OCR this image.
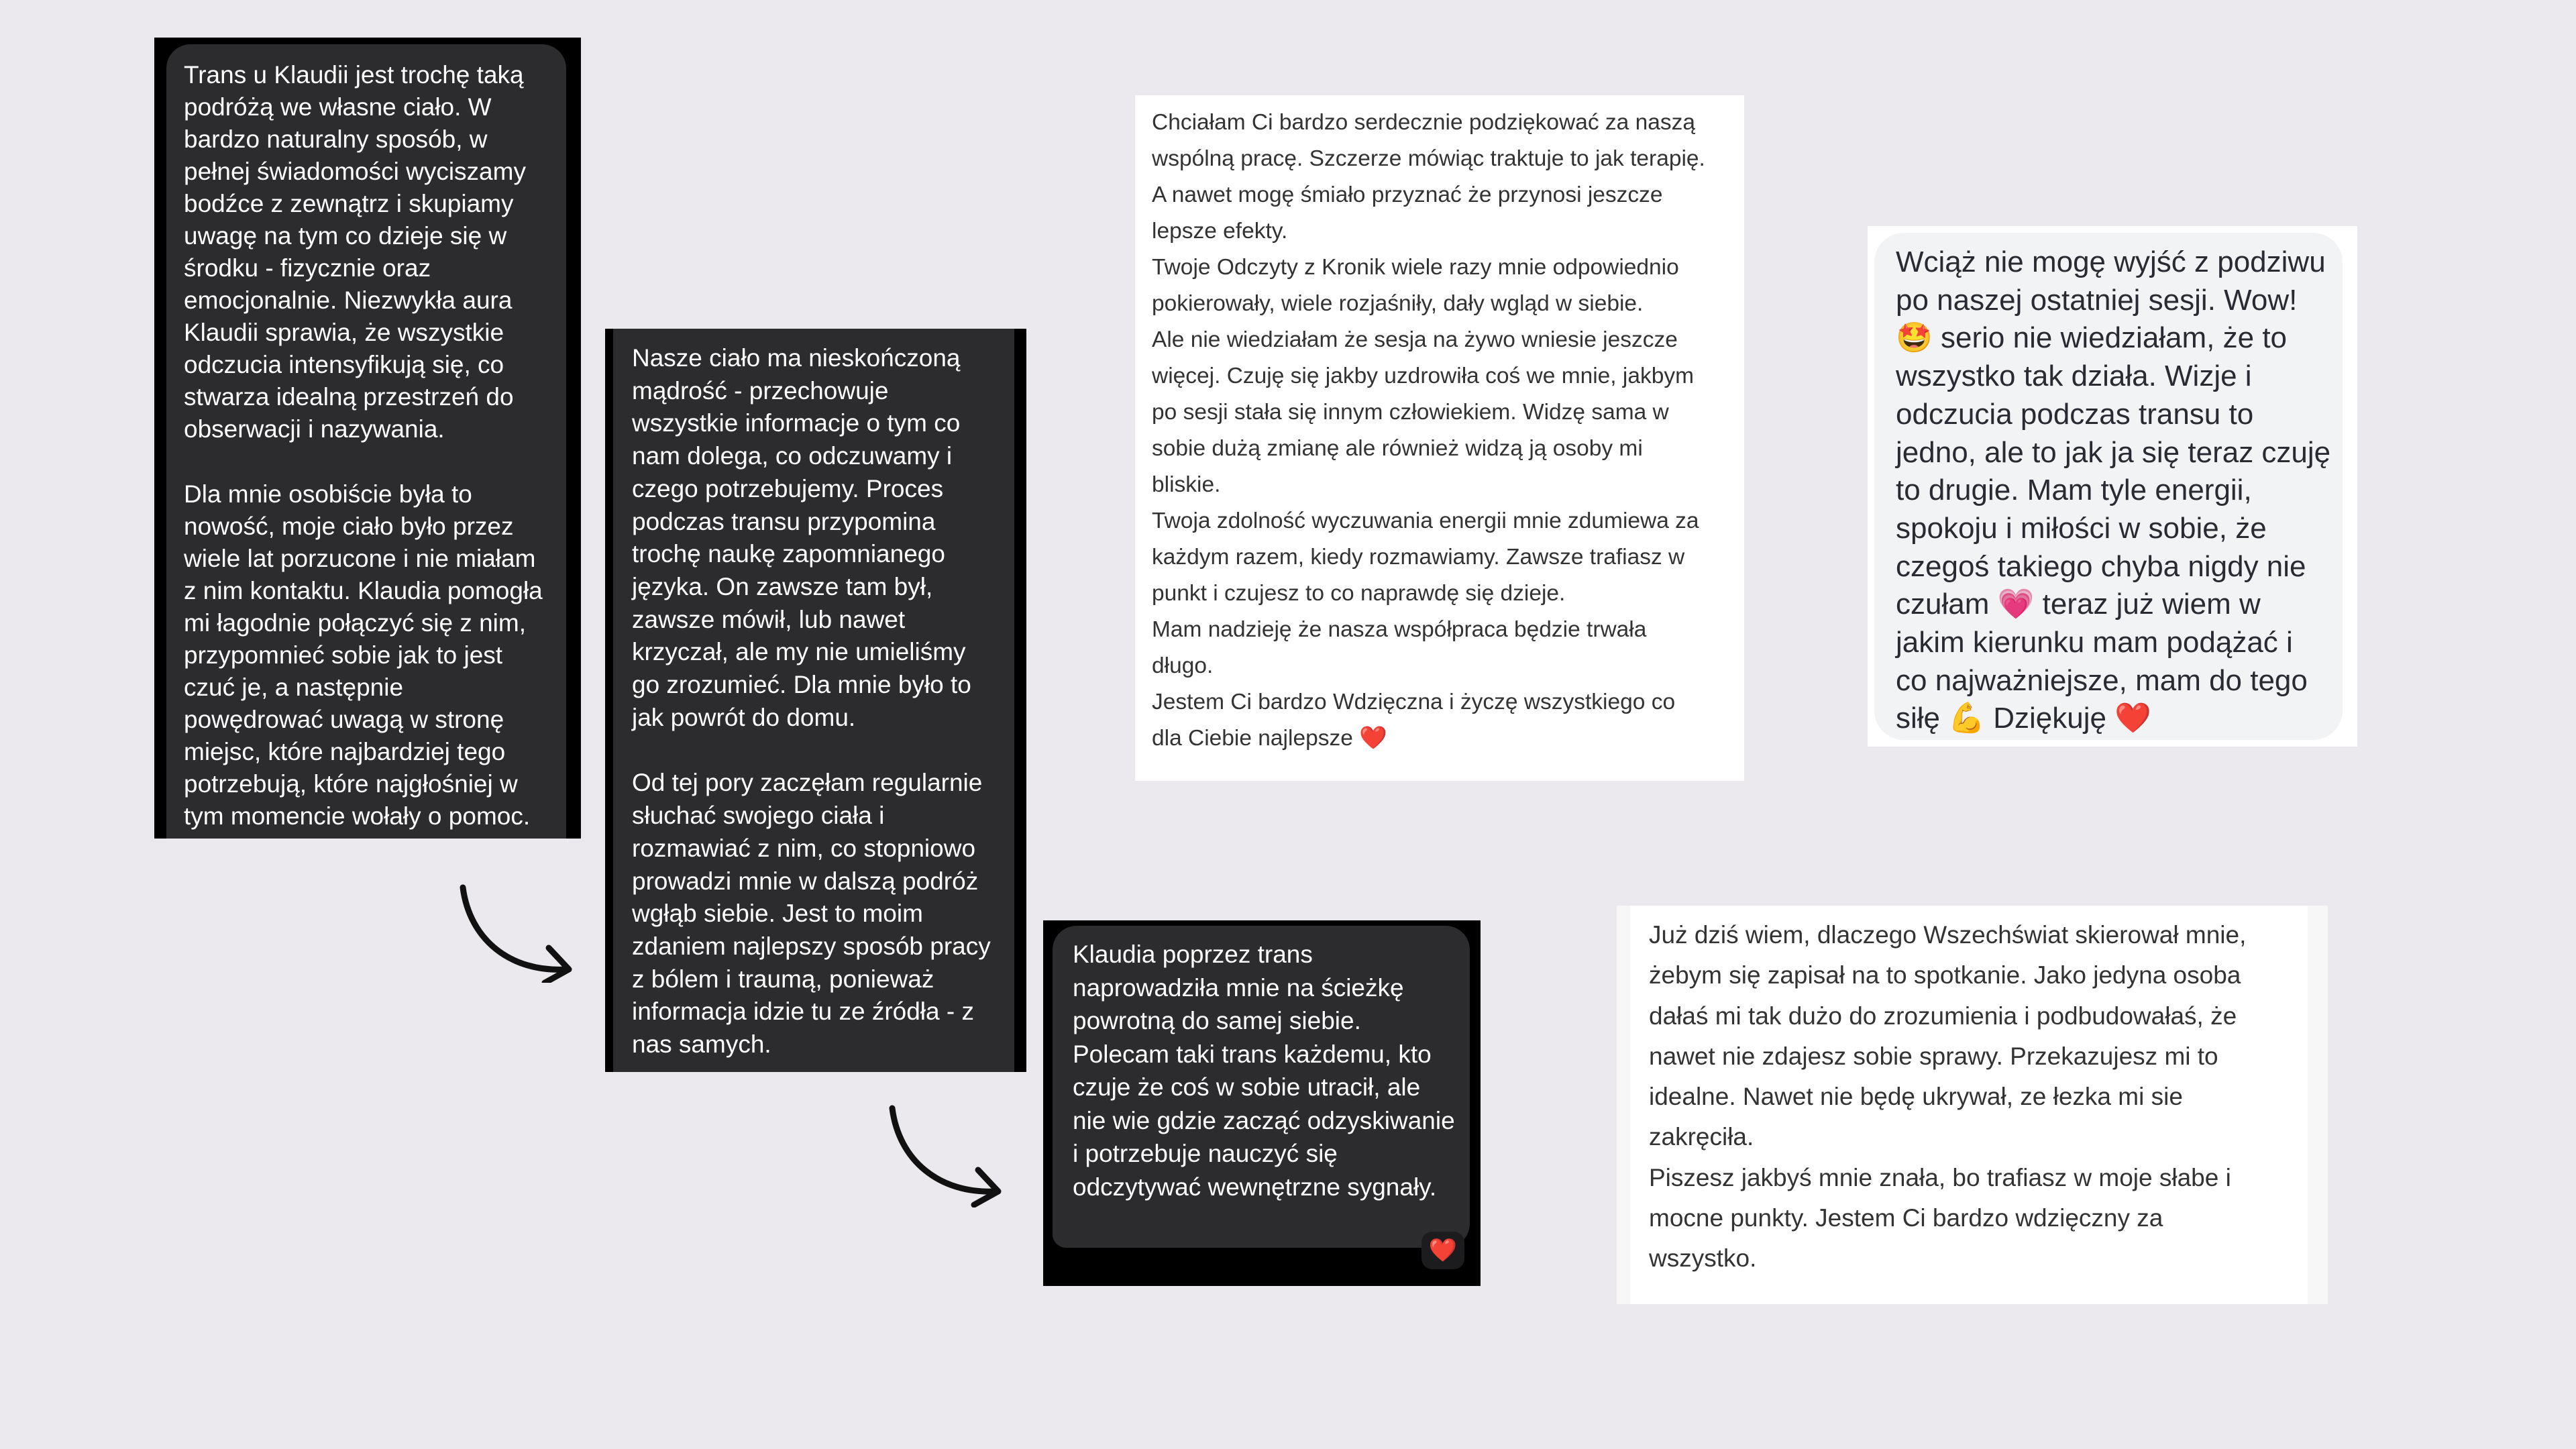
Trans u Klaudii jest trochę taką podróżą we własne ciało. W bardzo naturalny sposób, w pełnej świadomości wyciszamy bodźce z zewnątrz i skupiamy uwagę na tym co dzieje się w środku - fizycznie oraz emocjonalnie. Niezwykła aura Klaudii sprawia, że wszystkie odczucia intensyfikują się, co stwarza idealną przestrzeń do obserwacji i nazywania.

Dla mnie osobiście była to nowość, moje ciało było przez wiele lat porzucone i nie miałam z nim kontaktu. Klaudia pomogła mi łagodnie połączyć się z nim, przypomnieć sobie jak to jest czuć je, a następnie powędrować uwagą w stronę miejsc, które najbardziej tego potrzebują, które najgłośniej w tym momencie wołały o pomoc.

Nasze ciało ma nieskończoną mądrość - przechowuje wszystkie informacje o tym co nam dolega, co odczuwamy i czego potrzebujemy. Proces podczas transu przypomina trochę naukę zapomnianego języka. On zawsze tam był, zawsze mówił, lub nawet krzyczał, ale my nie umieliśmy go zrozumieć. Dla mnie było to jak powrót do domu.

Od tej pory zaczęłam regularnie słuchać swojego ciała i rozmawiać z nim, co stopniowo prowadzi mnie w dalszą podróż wgłąb siebie. Jest to moim zdaniem najlepszy sposób pracy z bólem i traumą, ponieważ informacja idzie tu ze źródła - z nas samych.

Klaudia poprzez trans naprowadziła mnie na ścieżkę powrotną do samej siebie. Polecam taki trans każdemu, kto czuje że coś w sobie utracił, ale nie wie gdzie zacząć odzyskiwanie i potrzebuje nauczyć się odczytywać wewnętrzne sygnały.

❤️
Chciałam Ci bardzo serdecznie podziękować za naszą
wspólną pracę. Szczerze mówiąc traktuje to jak terapię.
A nawet mogę śmiało przyznać że przynosi jeszcze
lepsze efekty.
Twoje Odczyty z Kronik wiele razy mnie odpowiednio
pokierowały, wiele rozjaśniły, dały wgląd w siebie.
Ale nie wiedziałam że sesja na żywo wniesie jeszcze
więcej. Czuję się jakby uzdrowiła coś we mnie, jakbym
po sesji stała się innym człowiekiem. Widzę sama w
sobie dużą zmianę ale również widzą ją osoby mi
bliskie.
Twoja zdolność wyczuwania energii mnie zdumiewa za
każdym razem, kiedy rozmawiamy. Zawsze trafiasz w
punkt i czujesz to co naprawdę się dzieje.
Mam nadzieję że nasza współpraca będzie trwała
długo.
Jestem Ci bardzo Wdzięczna i życzę wszystkiego co
dla Ciebie najlepsze ❤️
Wciąż nie mogę wyjść z podziwu
po naszej ostatniej sesji. Wow!
🤩 serio nie wiedziałam, że to
wszystko tak działa. Wizje i
odczucia podczas transu to
jedno, ale to jak ja się teraz czuję
to drugie. Mam tyle energii,
spokoju i miłości w sobie, że
czegoś takiego chyba nigdy nie
czułam 💗 teraz już wiem w
jakim kierunku mam podążać i
co najważniejsze, mam do tego
siłę 💪 Dziękuję ❤️
Już dziś wiem, dlaczego Wszechświat skierował mnie,
żebym się zapisał na to spotkanie. Jako jedyna osoba
dałaś mi tak dużo do zrozumienia i podbudowałaś, że
nawet nie zdajesz sobie sprawy. Przekazujesz mi to
idealne. Nawet nie będę ukrywał, ze łezka mi sie
zakręciła.
Piszesz jakbyś mnie znała, bo trafiasz w moje słabe i
mocne punkty. Jestem Ci bardzo wdzięczny za
wszystko.
